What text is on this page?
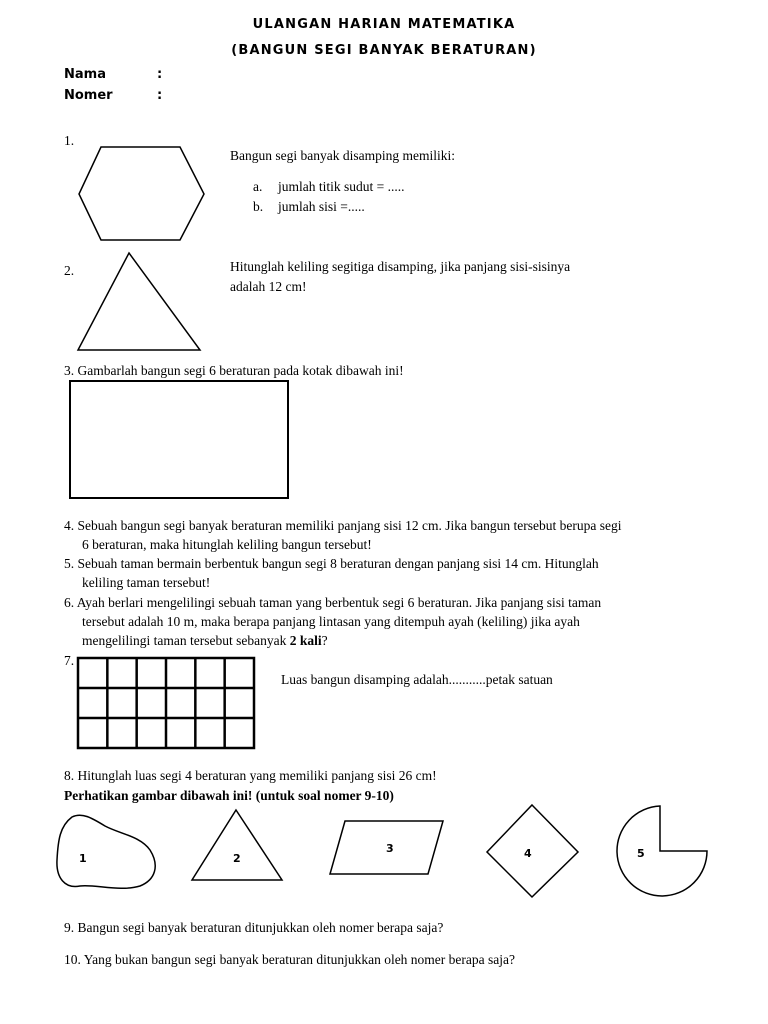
ULANGAN HARIAN MATEMATIKA
(BANGUN SEGI BANYAK BERATURAN)
Nama	:
Nomer	:
1.
Bangun segi banyak disamping memiliki:
a. jumlah titik sudut = .....
b. jumlah sisi =.....
2.	Hitunglah keliling segitiga disamping, jika panjang sisi-sisinya
adalah 12 cm!
3. Gambarlah bangun segi 6 beraturan pada kotak dibawah ini!
4. Sebuah bangun segi banyak beraturan memiliki panjang sisi 12 cm. Jika bangun tersebut berupa segi
6 beraturan, maka hitunglah keliling bangun tersebut!
5. Sebuah taman bermain berbentuk bangun segi 8 beraturan dengan panjang sisi 14 cm. Hitunglah
keliling taman tersebut!
6. Ayah berlari mengelilingi sebuah taman yang berbentuk segi 6 beraturan. Jika panjang sisi taman
tersebut adalah 10 m, maka berapa panjang lintasan yang ditempuh ayah (keliling) jika ayah
mengelilingi taman tersebut sebanyak 2 kali?
7.
Luas bangun disamping adalah...........petak satuan
8. Hitunglah luas segi 4 beraturan yang memiliki panjang sisi 26 cm!
Perhatikan gambar dibawah ini! (untuk soal nomer 9-10)
1	2
3	4	5
9. Bangun segi banyak beraturan ditunjukkan oleh nomer berapa saja?
10. Yang bukan bangun segi banyak beraturan ditunjukkan oleh nomer berapa saja?
